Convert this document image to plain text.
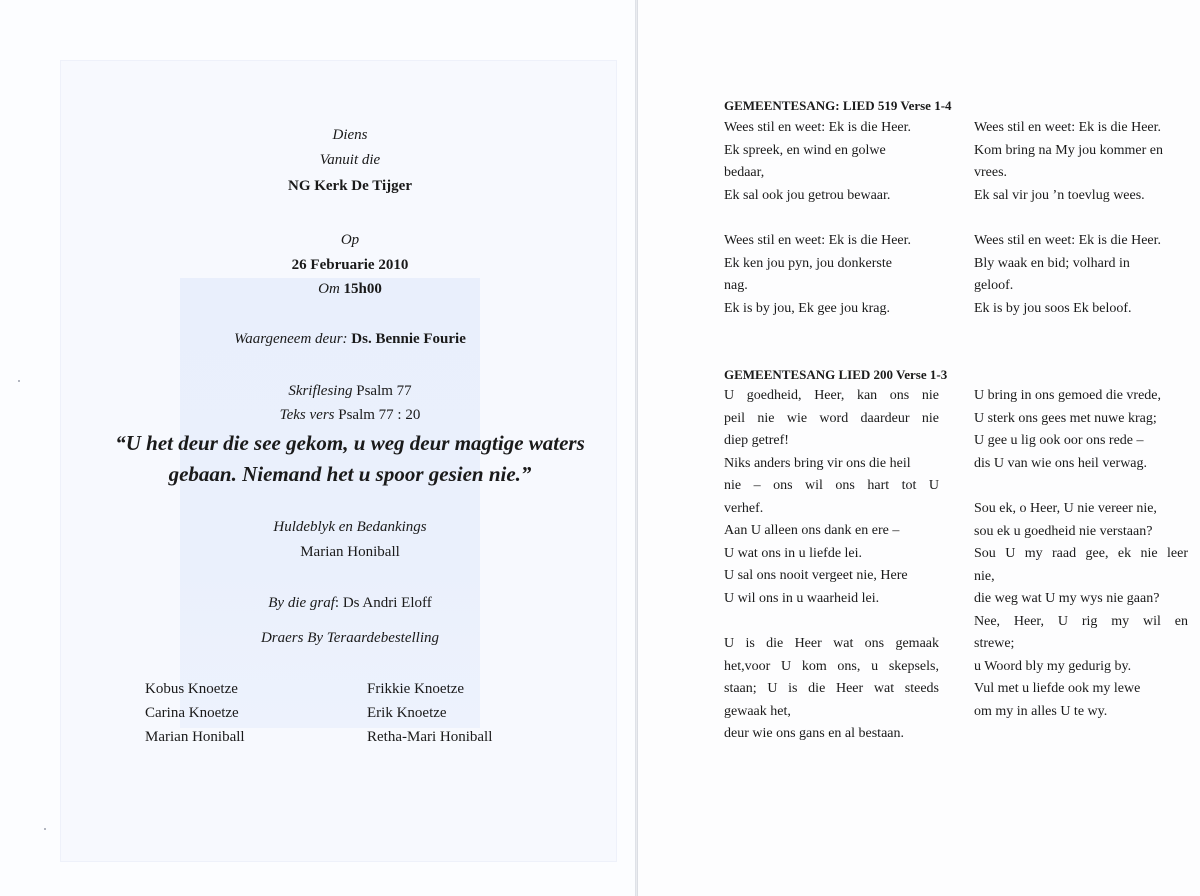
Diens
Vanuit die
NG Kerk De Tijger
Op
26 Februarie 2010
Om 15h00
Waargeneem deur: Ds. Bennie Fourie
Skriflesing Psalm 77
Teks vers Psalm 77 : 20
“U het deur die see gekom, u weg deur magtige waters
gebaan. Niemand het u spoor gesien nie.”
Huldeblyk en Bedankings
Marian Honiball
By die graf: Ds Andri Eloff
Draers By Teraardebestelling
Kobus Knoetze
Carina Knoetze
Marian Honiball
Frikkie Knoetze
Erik Knoetze
Retha-Mari Honiball
GEMEENTESANG: LIED 519 Verse 1-4
Wees stil en weet: Ek is die Heer.
Ek spreek, en wind en golwe
bedaar,
Ek sal ook jou getrou bewaar.
Wees stil en weet: Ek is die Heer.
Ek ken jou pyn, jou donkerste
nag.
Ek is by jou, Ek gee jou krag.
Wees stil en weet: Ek is die Heer.
Kom bring na My jou kommer en
vrees.
Ek sal vir jou ’n toevlug wees.
Wees stil en weet: Ek is die Heer.
Bly waak en bid; volhard in
geloof.
Ek is by jou soos Ek beloof.
GEMEENTESANG LIED 200 Verse 1-3
U goedheid, Heer, kan ons nie
peil nie wie word daardeur nie
diep getref!
Niks anders bring vir ons die heil
nie – ons wil ons hart tot U
verhef.
Aan U alleen ons dank en ere –
U wat ons in u liefde lei.
U sal ons nooit vergeet nie, Here
U wil ons in u waarheid lei.
U is die Heer wat ons gemaak
het,voor U kom ons, u skepsels,
staan; U is die Heer wat steeds
gewaak het,
deur wie ons gans en al bestaan.
U bring in ons gemoed die vrede,
U sterk ons gees met nuwe krag;
U gee u lig ook oor ons rede –
dis U van wie ons heil verwag.
Sou ek, o Heer, U nie vereer nie,
sou ek u goedheid nie verstaan?
Sou U my raad gee, ek nie leer
nie,
die weg wat U my wys nie gaan?
Nee, Heer, U rig my wil en
strewe;
u Woord bly my gedurig by.
Vul met u liefde ook my lewe
om my in alles U te wy.
